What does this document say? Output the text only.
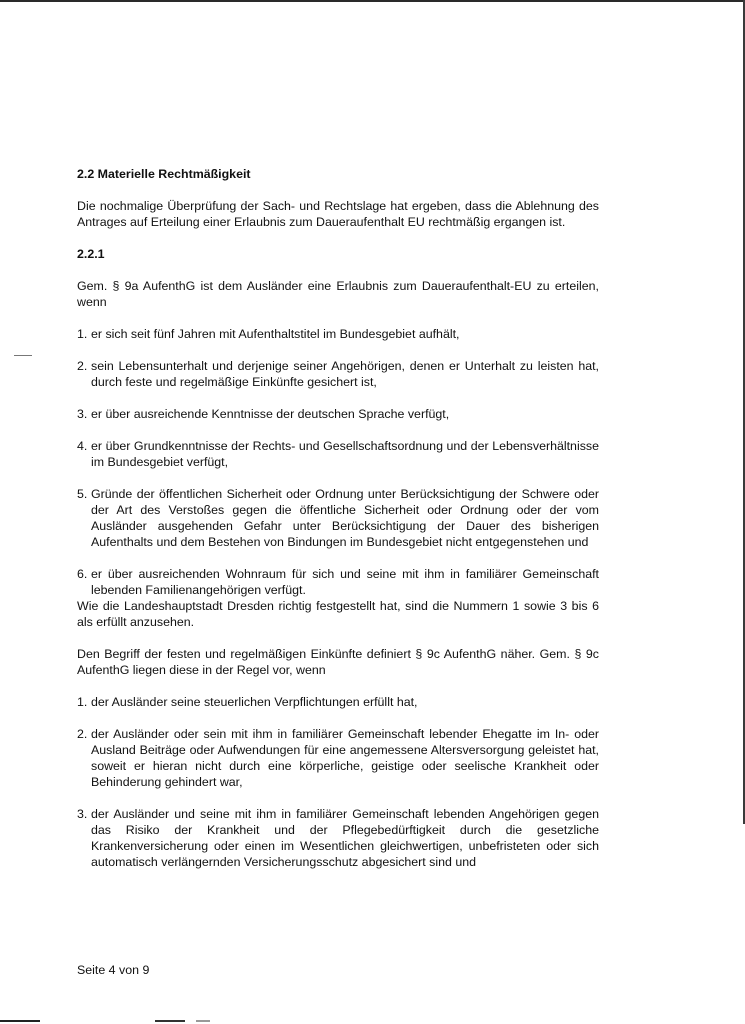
2.2 Materielle Rechtmäßigkeit

Die nochmalige Überprüfung der Sach- und Rechtslage hat ergeben, dass die Ablehnung des Antrages auf Erteilung einer Erlaubnis zum Daueraufenthalt EU rechtmäßig ergangen ist.

2.2.1

Gem. § 9a AufenthG ist dem Ausländer eine Erlaubnis zum Daueraufenthalt-EU zu erteilen, wenn

1. er sich seit fünf Jahren mit Aufenthaltstitel im Bundesgebiet aufhält,
2. sein Lebensunterhalt und derjenige seiner Angehörigen, denen er Unterhalt zu leisten hat, durch feste und regelmäßige Einkünfte gesichert ist,
3. er über ausreichende Kenntnisse der deutschen Sprache verfügt,
4. er über Grundkenntnisse der Rechts- und Gesellschaftsordnung und der Lebensverhältnisse im Bundesgebiet verfügt,
5. Gründe der öffentlichen Sicherheit oder Ordnung unter Berücksichtigung der Schwere oder der Art des Verstoßes gegen die öffentliche Sicherheit oder Ordnung oder der vom Ausländer ausgehenden Gefahr unter Berücksichtigung der Dauer des bisherigen Aufenthalts und dem Bestehen von Bindungen im Bundesgebiet nicht entgegenstehen und
6. er über ausreichenden Wohnraum für sich und seine mit ihm in familiärer Gemeinschaft lebenden Familienangehörigen verfügt.

Wie die Landeshauptstadt Dresden richtig festgestellt hat, sind die Nummern 1 sowie 3 bis 6 als erfüllt anzusehen.

Den Begriff der festen und regelmäßigen Einkünfte definiert § 9c AufenthG näher. Gem. § 9c AufenthG liegen diese in der Regel vor, wenn

1. der Ausländer seine steuerlichen Verpflichtungen erfüllt hat,
2. der Ausländer oder sein mit ihm in familiärer Gemeinschaft lebender Ehegatte im In- oder Ausland Beiträge oder Aufwendungen für eine angemessene Altersversorgung geleistet hat, soweit er hieran nicht durch eine körperliche, geistige oder seelische Krankheit oder Behinderung gehindert war,
3. der Ausländer und seine mit ihm in familiärer Gemeinschaft lebenden Angehörigen gegen das Risiko der Krankheit und der Pflegebedürftigkeit durch die gesetzliche Krankenversicherung oder einen im Wesentlichen gleichwertigen, unbefristeten oder sich automatisch verlängernden Versicherungsschutz abgesichert sind und
Seite 4 von 9
